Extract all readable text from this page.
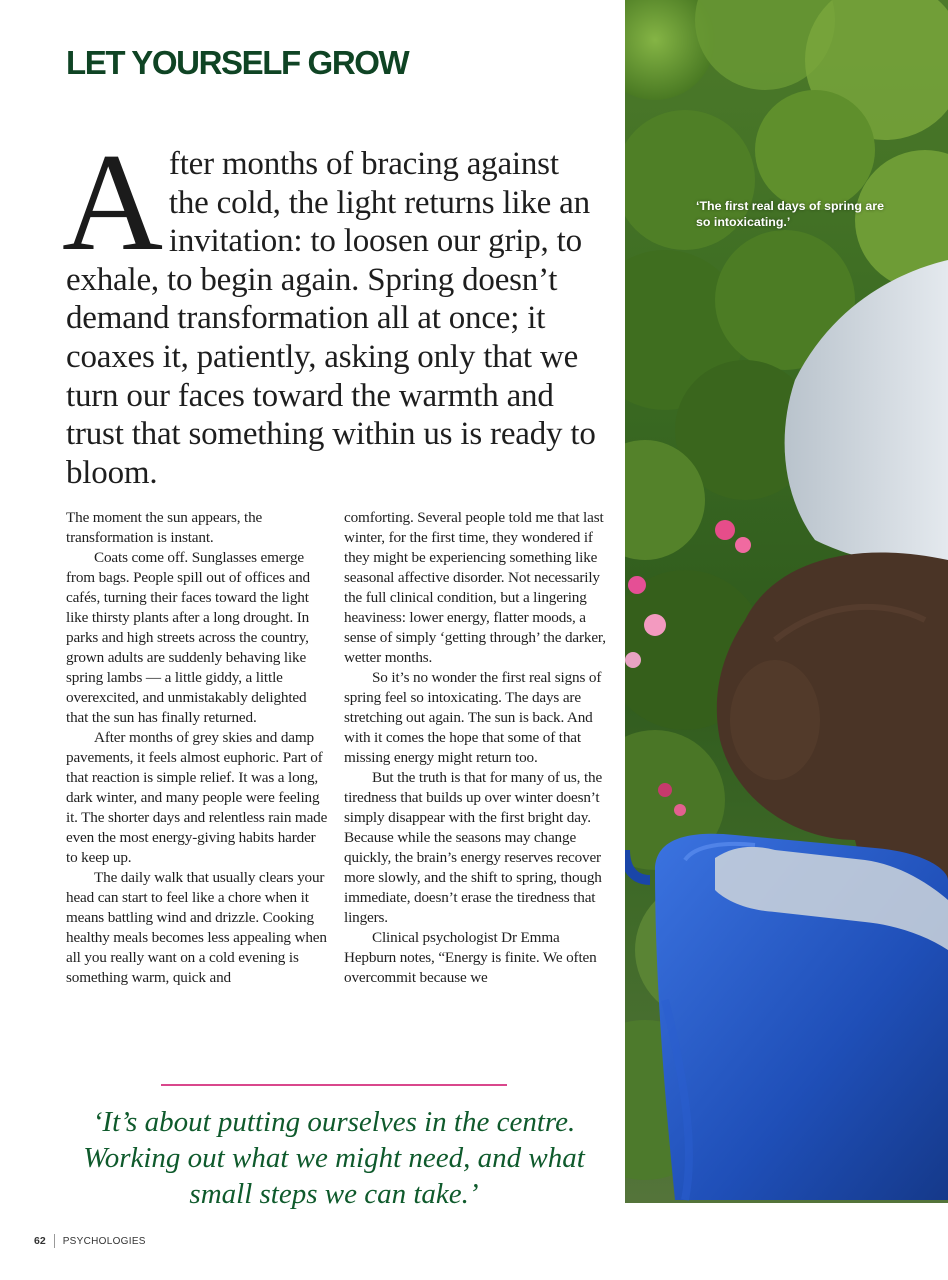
LET YOURSELF GROW

After months of bracing against the cold, the light returns like an invitation: to loosen our grip, to exhale, to begin again. Spring doesn’t demand transformation all at once; it coaxes it, patiently, asking only that we turn our faces toward the warmth and trust that something within us is ready to bloom.

The moment the sun appears, the transformation is instant.

Coats come off. Sunglasses emerge from bags. People spill out of offices and cafés, turning their faces toward the light like thirsty plants after a long drought. In parks and high streets across the country, grown adults are suddenly behaving like spring lambs — a little giddy, a little overexcited, and unmistakably delighted that the sun has finally returned.

After months of grey skies and damp pavements, it feels almost euphoric. Part of that reaction is simple relief. It was a long, dark winter, and many people were feeling it. The shorter days and relentless rain made even the most energy-giving habits harder to keep up.

The daily walk that usually clears your head can start to feel like a chore when it means battling wind and drizzle. Cooking healthy meals becomes less appealing when all you really want on a cold evening is something warm, quick and

comforting. Several people told me that last winter, for the first time, they wondered if they might be experiencing something like seasonal affective disorder. Not necessarily the full clinical condition, but a lingering heaviness: lower energy, flatter moods, a sense of simply ‘getting through’ the darker, wetter months.

So it’s no wonder the first real signs of spring feel so intoxicating. The days are stretching out again. The sun is back. And with it comes the hope that some of that missing energy might return too.

But the truth is that for many of us, the tiredness that builds up over winter doesn’t simply disappear with the first bright day. Because while the seasons may change quickly, the brain’s energy reserves recover more slowly, and the shift to spring, though immediate, doesn’t erase the tiredness that lingers.

Clinical psychologist Dr Emma Hepburn notes, “Energy is finite. We often overcommit because we

‘It’s about putting ourselves in the centre. Working out what we might need, and what small steps we can take.’

‘The first real days of spring are so intoxicating.’

62 PSYCHOLOGIES
